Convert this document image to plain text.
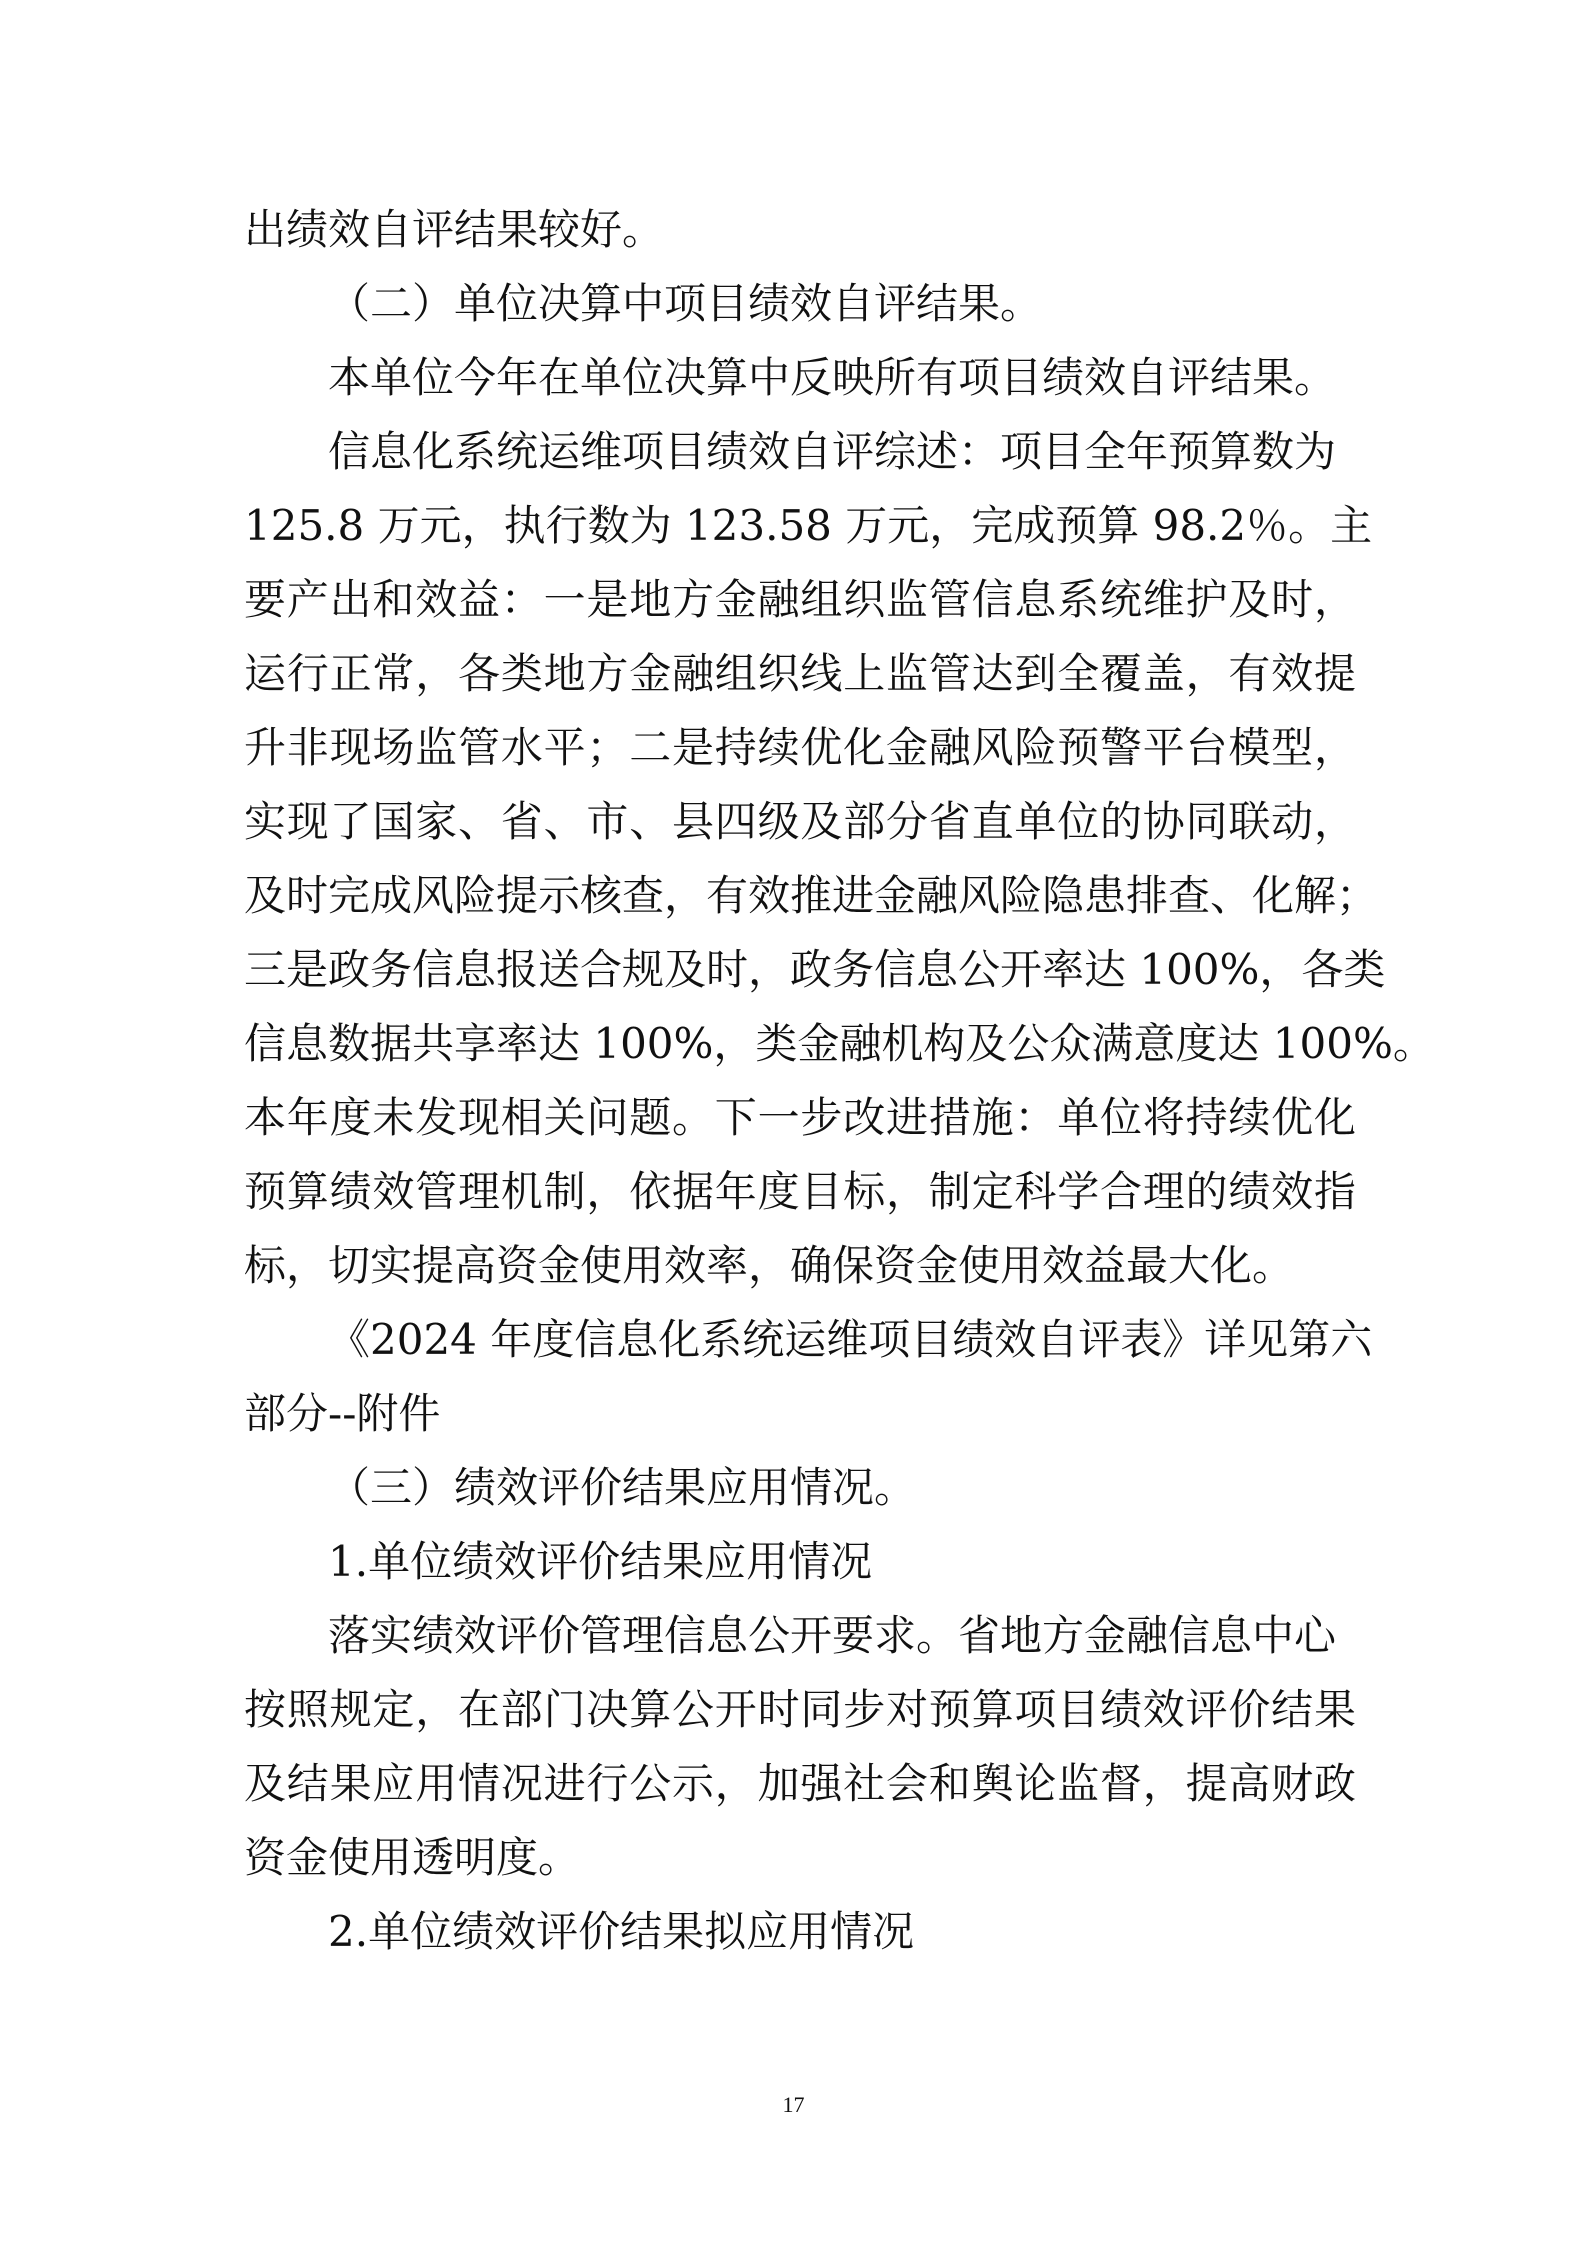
出绩效自评结果较好。
（二）单位决算中项目绩效自评结果。
本单位今年在单位决算中反映所有项目绩效自评结果。
信息化系统运维项目绩效自评综述：项目全年预算数为
125.8 万元，执行数为 123.58 万元，完成预算 98.2％。主
要产出和效益：一是地方金融组织监管信息系统维护及时，
运行正常，各类地方金融组织线上监管达到全覆盖，有效提
升非现场监管水平；二是持续优化金融风险预警平台模型，
实现了国家、省、市、县四级及部分省直单位的协同联动，
及时完成风险提示核查，有效推进金融风险隐患排查、化解；
三是政务信息报送合规及时，政务信息公开率达 100%，各类
信息数据共享率达 100%，类金融机构及公众满意度达 100%。
本年度未发现相关问题。下一步改进措施：单位将持续优化
预算绩效管理机制，依据年度目标，制定科学合理的绩效指
标，切实提高资金使用效率，确保资金使用效益最大化。
《2024 年度信息化系统运维项目绩效自评表》详见第六
部分--附件
（三）绩效评价结果应用情况。
1.单位绩效评价结果应用情况
落实绩效评价管理信息公开要求。省地方金融信息中心
按照规定，在部门决算公开时同步对预算项目绩效评价结果
及结果应用情况进行公示，加强社会和舆论监督，提高财政
资金使用透明度。
2.单位绩效评价结果拟应用情况
17
